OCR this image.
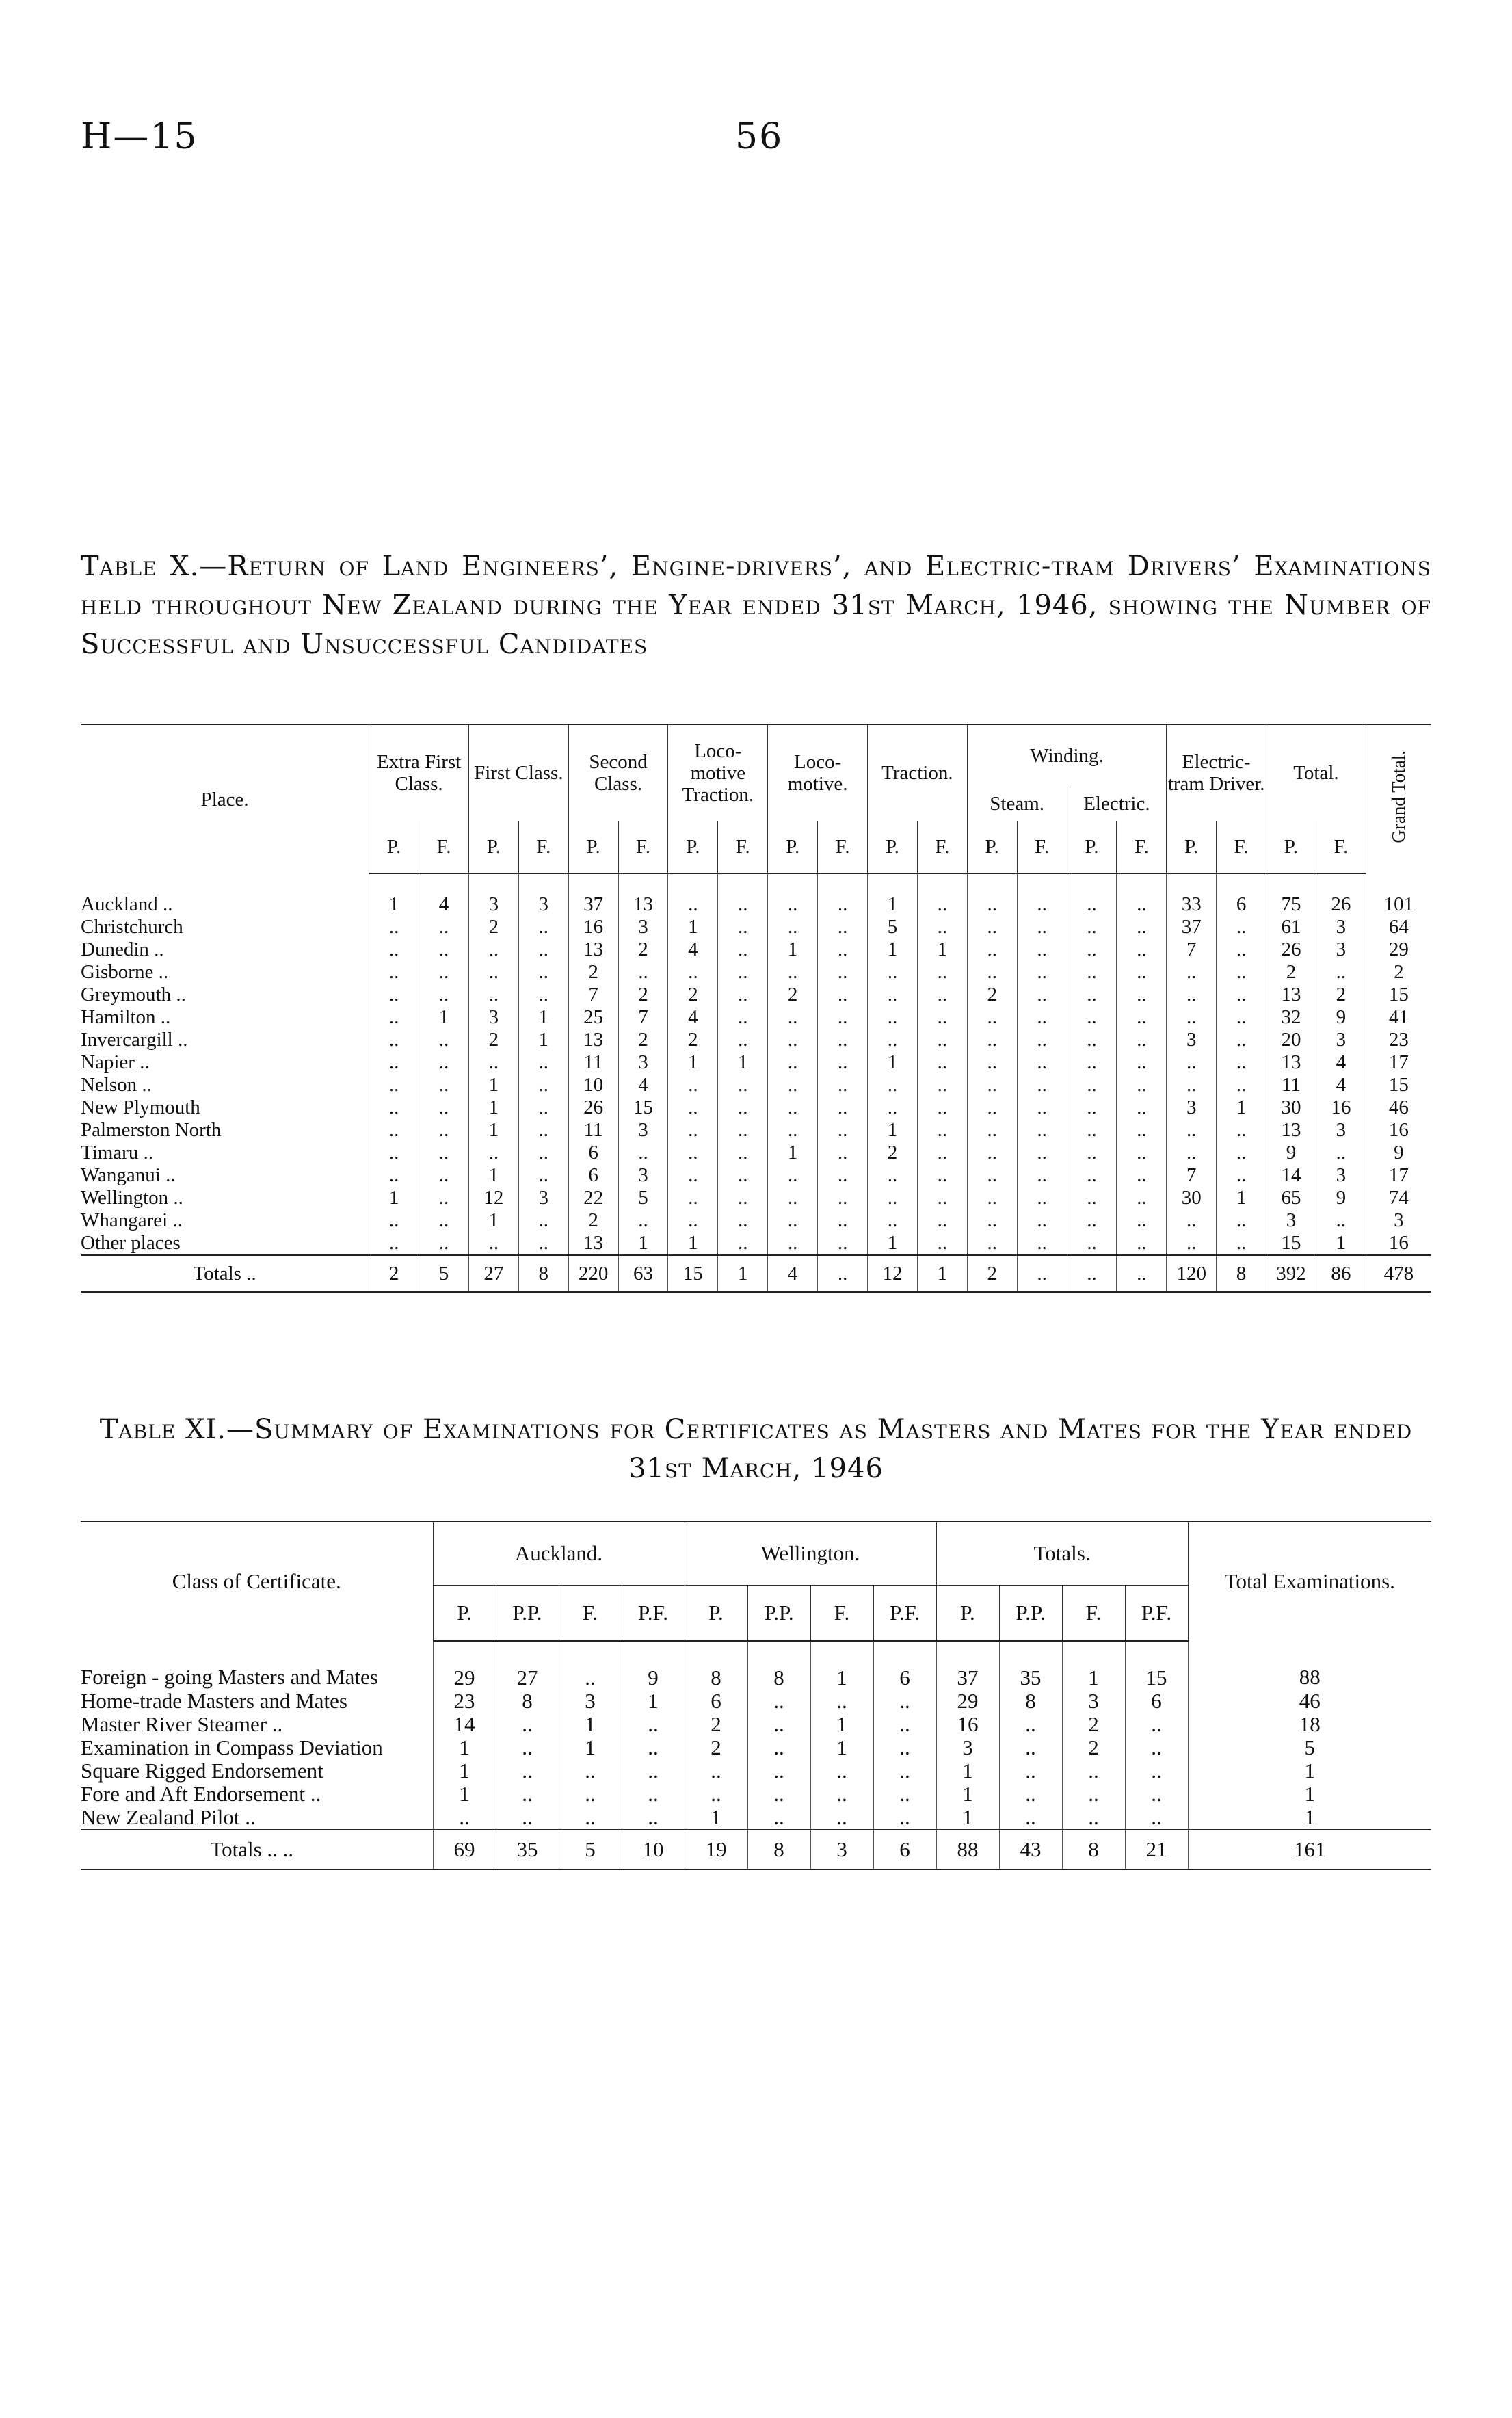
H—15	56
Table X.—Return of Land Engineers’, Engine-drivers’, and Electric-tram Drivers’ Examinations held throughout New Zealand during the Year ended 31st March, 1946, showing the Number of Successful and Unsuccessful Candidates
Place.	Extra First Class.		First Class.		Second Class.		Loco-motive Traction.		Loco-motive.		Traction.		Winding.				Electric-tram Driver.		Total.		Grand Total.
													Steam.		Electric.						
	P.	F.	P.	F.	P.	F.	P.	F.	P.	F.	P.	F.	P.	F.	P.	F.	P.	F.	P.	F.	
Auckland ..	1	4	3	3	37	13	..	..	..	..	1	..	..	..	..	..	33	6	75	26	101
Christchurch	..	..	2	..	16	3	1	..	..	..	5	..	..	..	..	..	37	..	61	3	64
Dunedin ..	..	..	..	..	13	2	4	..	1	..	1	1	..	..	..	..	7	..	26	3	29
Gisborne ..	..	..	..	..	2	..	..	..	..	..	..	..	..	..	..	..	..	..	2	..	2
Greymouth ..	..	..	..	..	7	2	2	..	2	..	..	..	2	..	..	..	..	..	13	2	15
Hamilton ..	..	1	3	1	25	7	4	..	..	..	..	..	..	..	..	..	..	..	32	9	41
Invercargill ..	..	..	2	1	13	2	2	..	..	..	..	..	..	..	..	..	3	..	20	3	23
Napier ..	..	..	..	..	11	3	1	1	..	..	1	..	..	..	..	..	..	..	13	4	17
Nelson ..	..	..	1	..	10	4	..	..	..	..	..	..	..	..	..	..	..	..	11	4	15
New Plymouth	..	..	1	..	26	15	..	..	..	..	..	..	..	..	..	..	3	1	30	16	46
Palmerston North	..	..	1	..	11	3	..	..	..	..	1	..	..	..	..	..	..	..	13	3	16
Timaru ..	..	..	..	..	6	..	..	..	1	..	2	..	..	..	..	..	..	..	9	..	9
Wanganui ..	..	..	1	..	6	3	..	..	..	..	..	..	..	..	..	..	7	..	14	3	17
Wellington ..	1	..	12	3	22	5	..	..	..	..	..	..	..	..	..	..	30	1	65	9	74
Whangarei ..	..	..	1	..	2	..	..	..	..	..	..	..	..	..	..	..	..	..	3	..	3
Other places	..	..	..	..	13	1	1	..	..	..	1	..	..	..	..	..	..	..	15	1	16
Totals ..	2	5	27	8	220	63	15	1	4	..	12	1	2	..	..	..	120	8	392	86	478
Table XI.—Summary of Examinations for Certificates as Masters and Mates for the Year ended 31st March, 1946
Class of Certificate.	Auckland.				Wellington.				Totals.				Total Examinations.
	P.	P.P.	F.	P.F.	P.	P.P.	F.	P.F.	P.	P.P.	F.	P.F.	
Foreign - going Masters and Mates	29	27	..	9	8	8	1	6	37	35	1	15	88
Home-trade Masters and Mates	23	8	3	1	6	..	..	..	29	8	3	6	46
Master River Steamer ..	14	..	1	..	2	..	1	..	16	..	2	..	18
Examination in Compass Deviation	1	..	1	..	2	..	1	..	3	..	2	..	5
Square Rigged Endorsement	1	..	..	..	..	..	..	..	1	..	..	..	1
Fore and Aft Endorsement ..	1	..	..	..	..	..	..	..	1	..	..	..	1
New Zealand Pilot ..	..	..	..	..	1	..	..	..	1	..	..	..	1
Totals .. ..	69	35	5	10	19	8	3	6	88	43	8	21	161
